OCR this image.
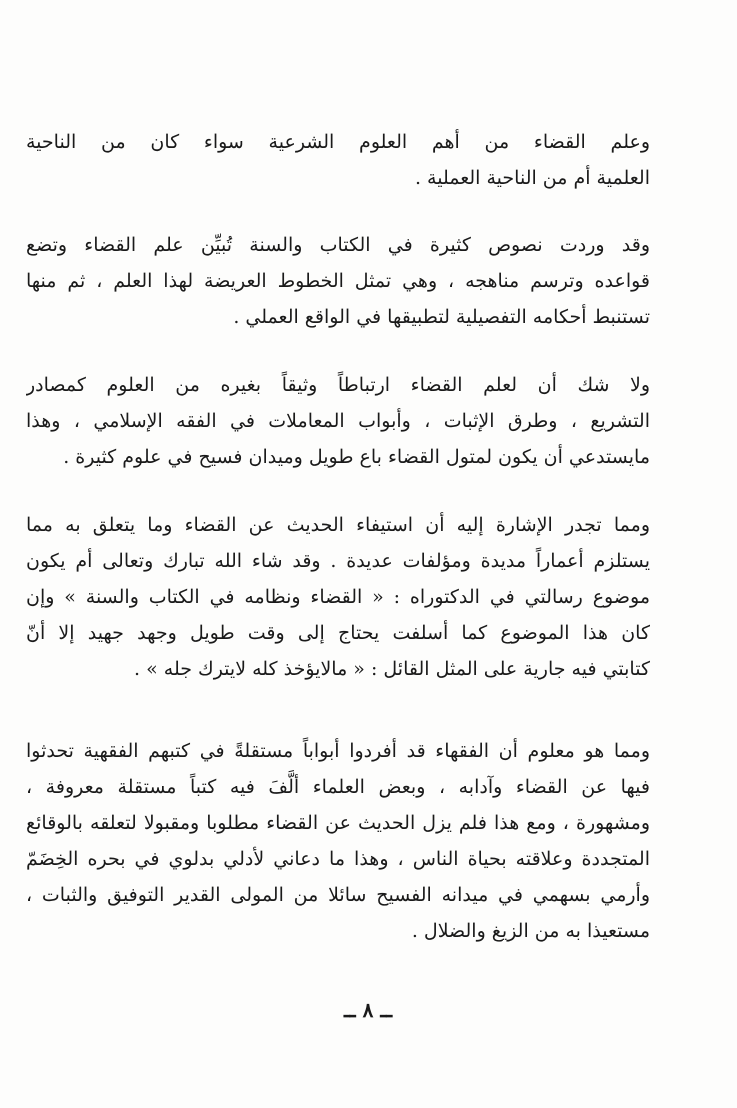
وعلم القضاء من أهم العلوم الشرعية سواء كان من الناحية
العلمية أم من الناحية العملية .
وقد وردت نصوص كثيرة في الكتاب والسنة تُبيِّن علم القضاء وتضع
قواعده وترسم مناهجه ، وهي تمثل الخطوط العريضة لهذا العلم ، ثم منها
تستنبط أحكامه التفصيلية لتطبيقها في الواقع العملي .
ولا شك أن لعلم القضاء ارتباطاً وثيقاً بغيره من العلوم كمصادر
التشريع ، وطرق الإثبات ، وأبواب المعاملات في الفقه الإسلامي ، وهذا
مايستدعي أن يكون لمتول القضاء باع طويل وميدان فسيح في علوم كثيرة .
ومما تجدر الإشارة إليه أن استيفاء الحديث عن القضاء وما يتعلق به مما
يستلزم أعماراً مديدة ومؤلفات عديدة . وقد شاء الله تبارك وتعالى أم يكون
موضوع رسالتي في الدكتوراه : « القضاء ونظامه في الكتاب والسنة » وإن
كان هذا الموضوع كما أسلفت يحتاج إلى وقت طويل وجهد جهيد إلا أنّ
كتابتي فيه جارية على المثل القائل : « مالايؤخذ كله لايترك جله » .
ومما هو معلوم أن الفقهاء قد أفردوا أبواباً مستقلةً في كتبهم الفقهية تحدثوا
فيها عن القضاء وآدابه ، وبعض العلماء ألَّفَ فيه كتباً مستقلة معروفة ،
ومشهورة ، ومع هذا فلم يزل الحديث عن القضاء مطلوبا ومقبولا لتعلقه بالوقائع
المتجددة وعلاقته بحياة الناس ، وهذا ما دعاني لأدلي بدلوي في بحره الخِضَمّ
وأرمي بسهمي في ميدانه الفسيح سائلا من المولى القدير التوفيق والثبات ،
مستعيذا به من الزيغ والضلال .
ــ ٨ ــ
